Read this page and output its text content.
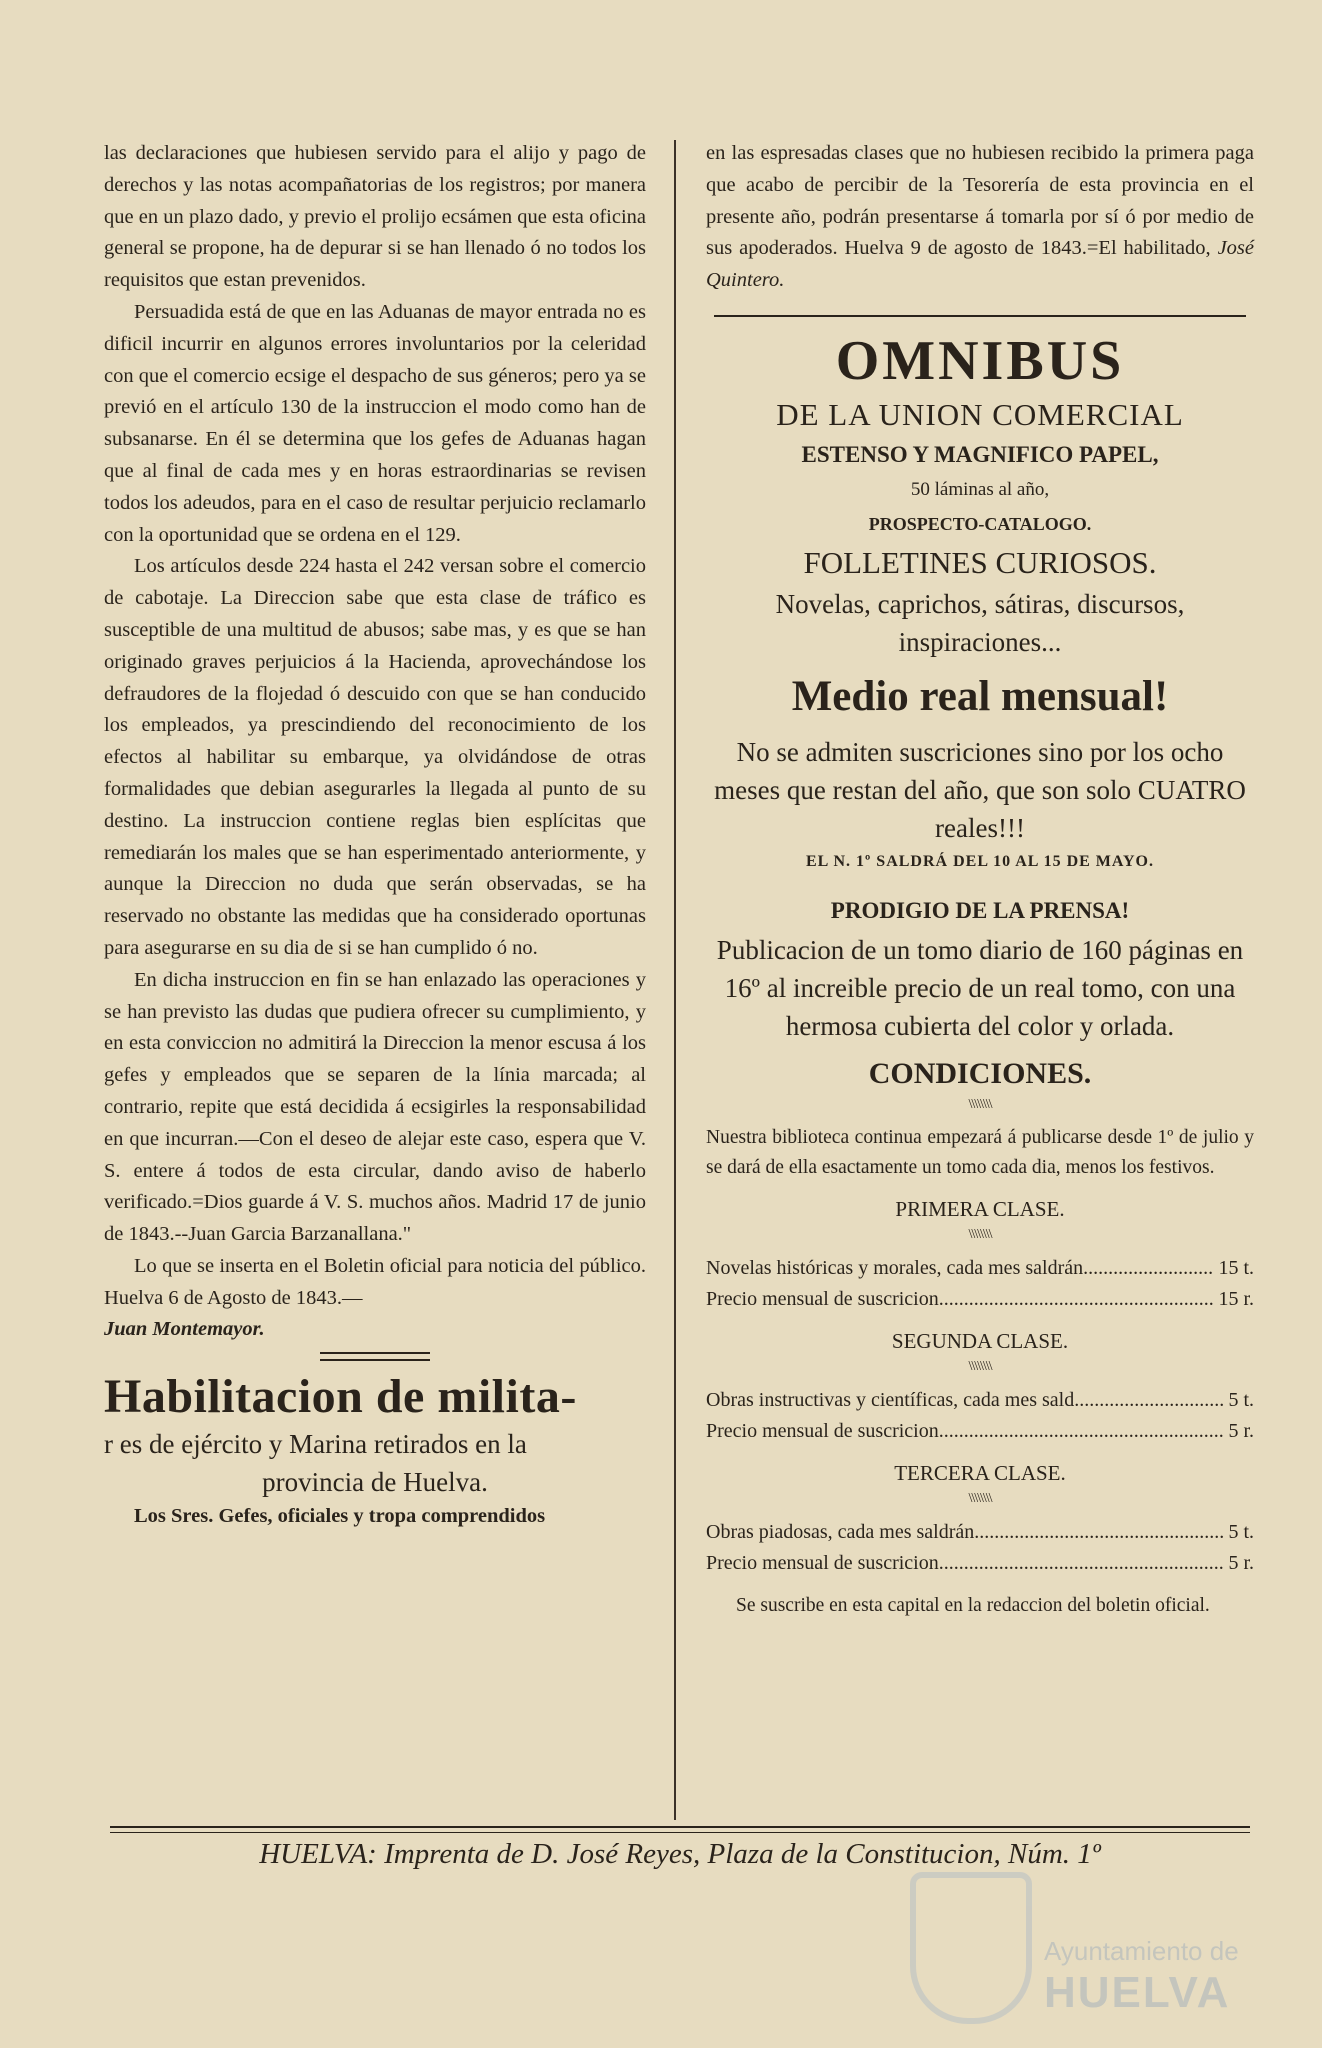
las declaraciones que hubiesen servido para el alijo y pago de derechos y las notas acompañatorias de los registros; por manera que en un plazo dado, y previo el prolijo ecsámen que esta oficina general se propone, ha de depurar si se han llenado ó no todos los requisitos que estan prevenidos.

Persuadida está de que en las Aduanas de mayor entrada no es dificil incurrir en algunos errores involuntarios por la celeridad con que el comercio ecsige el despacho de sus géneros; pero ya se previó en el artículo 130 de la instruccion el modo como han de subsanarse. En él se determina que los gefes de Aduanas hagan que al final de cada mes y en horas estraordinarias se revisen todos los adeudos, para en el caso de resultar perjuicio reclamarlo con la oportunidad que se ordena en el 129.

Los artículos desde 224 hasta el 242 versan sobre el comercio de cabotaje. La Direccion sabe que esta clase de tráfico es susceptible de una multitud de abusos; sabe mas, y es que se han originado graves perjuicios á la Hacienda, aprovechándose los defraudores de la flojedad ó descuido con que se han conducido los empleados, ya prescindiendo del reconocimiento de los efectos al habilitar su embarque, ya olvidándose de otras formalidades que debian asegurarles la llegada al punto de su destino. La instruccion contiene reglas bien esplícitas que remediarán los males que se han esperimentado anteriormente, y aunque la Direccion no duda que serán observadas, se ha reservado no obstante las medidas que ha considerado oportunas para asegurarse en su dia de si se han cumplido ó no.

En dicha instruccion en fin se han enlazado las operaciones y se han previsto las dudas que pudiera ofrecer su cumplimiento, y en esta conviccion no admitirá la Direccion la menor escusa á los gefes y empleados que se separen de la línia marcada; al contrario, repite que está decidida á ecsigirles la responsabilidad en que incurran.—Con el deseo de alejar este caso, espera que V. S. entere á todos de esta circular, dando aviso de haberlo verificado.=Dios guarde á V. S. muchos años. Madrid 17 de junio de 1843.--Juan Garcia Barzanallana."

Lo que se inserta en el Boletin oficial para noticia del público. Huelva 6 de Agosto de 1843.—

Juan Montemayor.

Habilitacion de milita-

r es de ejército y Marina retirados en la

provincia de Huelva.

Los Sres. Gefes, oficiales y tropa comprendidos

en las espresadas clases que no hubiesen recibido la primera paga que acabo de percibir de la Tesorería de esta provincia en el presente año, podrán presentarse á tomarla por sí ó por medio de sus apoderados. Huelva 9 de agosto de 1843.=El habilitado, José Quintero.

OMNIBUS

DE LA UNION COMERCIAL

ESTENSO Y MAGNIFICO PAPEL,

50 láminas al año,

PROSPECTO-CATALOGO.

FOLLETINES CURIOSOS.

Novelas, caprichos, sátiras, discursos, inspiraciones...

Medio real mensual!

No se admiten suscriciones sino por los ocho meses que restan del año, que son solo CUATRO reales!!!

EL N. 1º SALDRÁ DEL 10 AL 15 DE MAYO.

PRODIGIO DE LA PRENSA!

Publicacion de un tomo diario de 160 páginas en 16º al increible precio de un real tomo, con una hermosa cubierta del color y orlada.

CONDICIONES.

\\\\\\\\

Nuestra biblioteca continua empezará á publicarse desde 1º de julio y se dará de ella esactamente un tomo cada dia, menos los festivos.

PRIMERA CLASE.

\\\\\\\\

Novelas históricas y morales, cada mes saldrán .....	15 t.
Precio mensual de suscricion .....	15 r.

SEGUNDA CLASE.

\\\\\\\\

Obras instructivas y científicas, cada mes sald. .....	5 t.
Precio mensual de suscricion .....	5 r.

TERCERA CLASE.

\\\\\\\\

Obras piadosas, cada mes saldrán .....	5 t.
Precio mensual de suscricion .....	5 r.

Se suscribe en esta capital en la redaccion del boletin oficial.

HUELVA: Imprenta de D. José Reyes, Plaza de la Constitucion, Núm. 1º
Ayuntamiento de
HUELVA
